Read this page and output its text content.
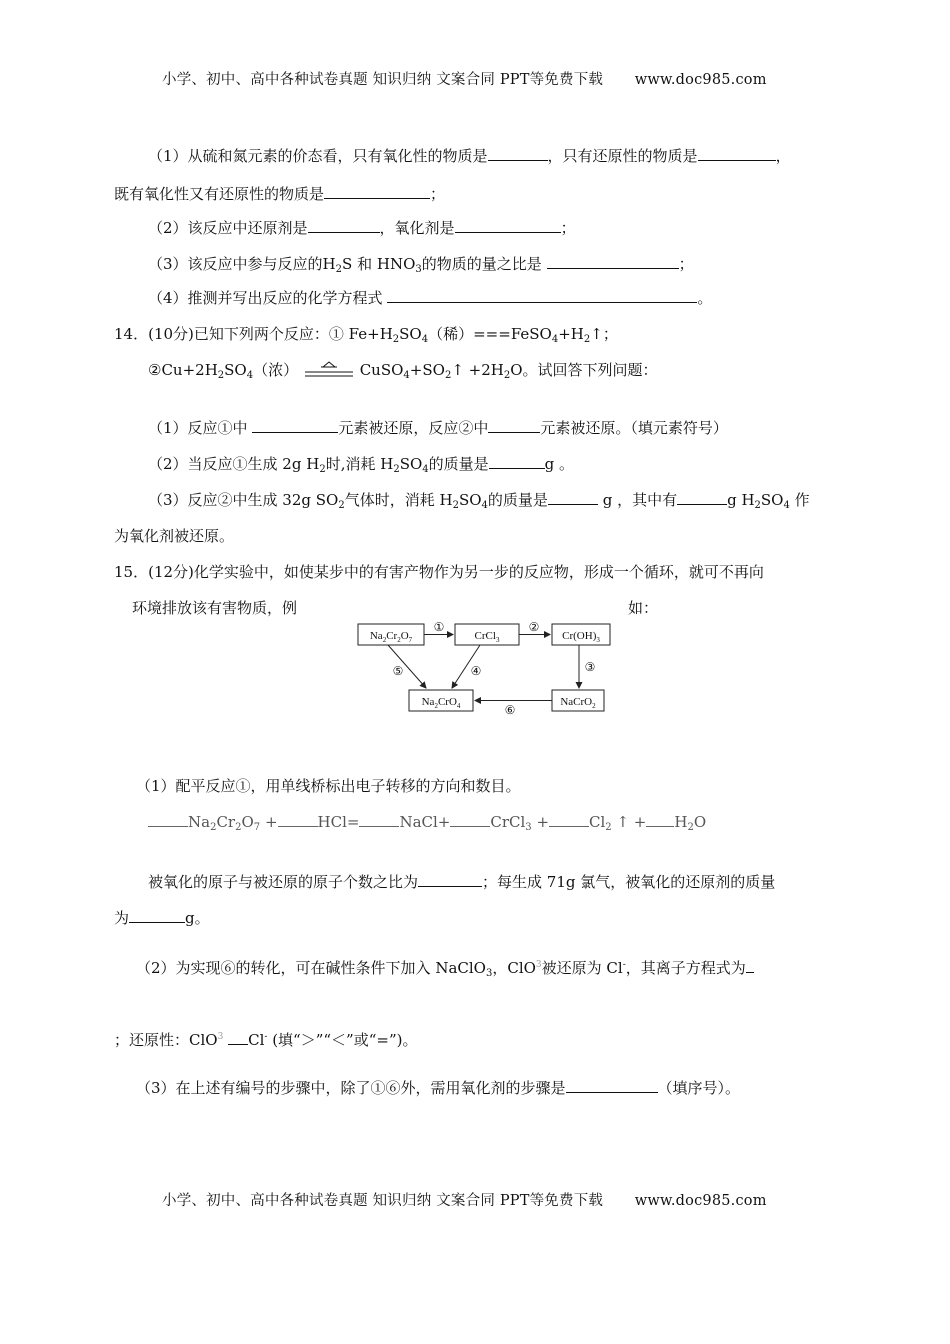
小学、初中、高中各种试卷真题 知识归纳 文案合同 PPT等免费下载 www.doc985.com
（1）从硫和氮元素的价态看，只有氧化性的物质是	，只有还原性的物质是	，
既有氧化性又有还原性的物质是	；
（2）该反应中还原剂是	，氧化剂是	；
（3）该反应中参与反应的$H_2S$ 和 $HNO_3$的物质的量之比是	；
（4）推测并写出反应的化学方程式	。
14．(10分)已知下列两个反应：① $Fe+H_2SO_4$（稀）$===FeSO_4+H_2↑$；
$②Cu+2H_2SO_4$（浓）	$CuSO_4+SO_2↑ +2H_2O$。试回答下列问题：
（1）反应①中	元素被还原，反应②中	元素被还原。（填元素符号）
（2）当反应①生成 2g $H_2$时,消耗 $H_2SO_4$的质量是	g 。
（3）反应②中生成 32g $SO_2$气体时，消耗 $H_2SO_4$的质量是	g ，其中有	g $H_2SO_4$ 作
为氧化剂被还原。
15．(12分)化学实验中，如使某步中的有害产物作为另一步的反应物，形成一个循环，就可不再向
环境排放该有害物质，例	如：
$Na_2Cr_2O_7$	CrCl$_3$	$Cr(OH)_3$
$Na_2CrO_4$	NaCrO$_2$
①	②
③
④
⑤
⑥
（1）配平反应①，用单线桥标出电子转移的方向和数目。
$Na_2Cr_2O_7$ +	HCl=	NaCl+	CrCl$_3$ +	$Cl_2$ ↑ + $H_2O$
被氧化的原子与被还原的原子个数之比为	；每生成 71g 氯气，被氧化的还原剂的质量
为	g。
（2）为实现⑥的转化，可在碱性条件下加入 NaClO$_3$，ClO$^3$被还原为 Cl-，其离子方程式为
；还原性：ClO$^3$ Cl- (填“＞”“＜”或“=”)。
（3）在上述有编号的步骤中，除了①⑥外，需用氧化剂的步骤是	（填序号）。
小学、初中、高中各种试卷真题 知识归纳 文案合同 PPT等免费下载 www.doc985.com
